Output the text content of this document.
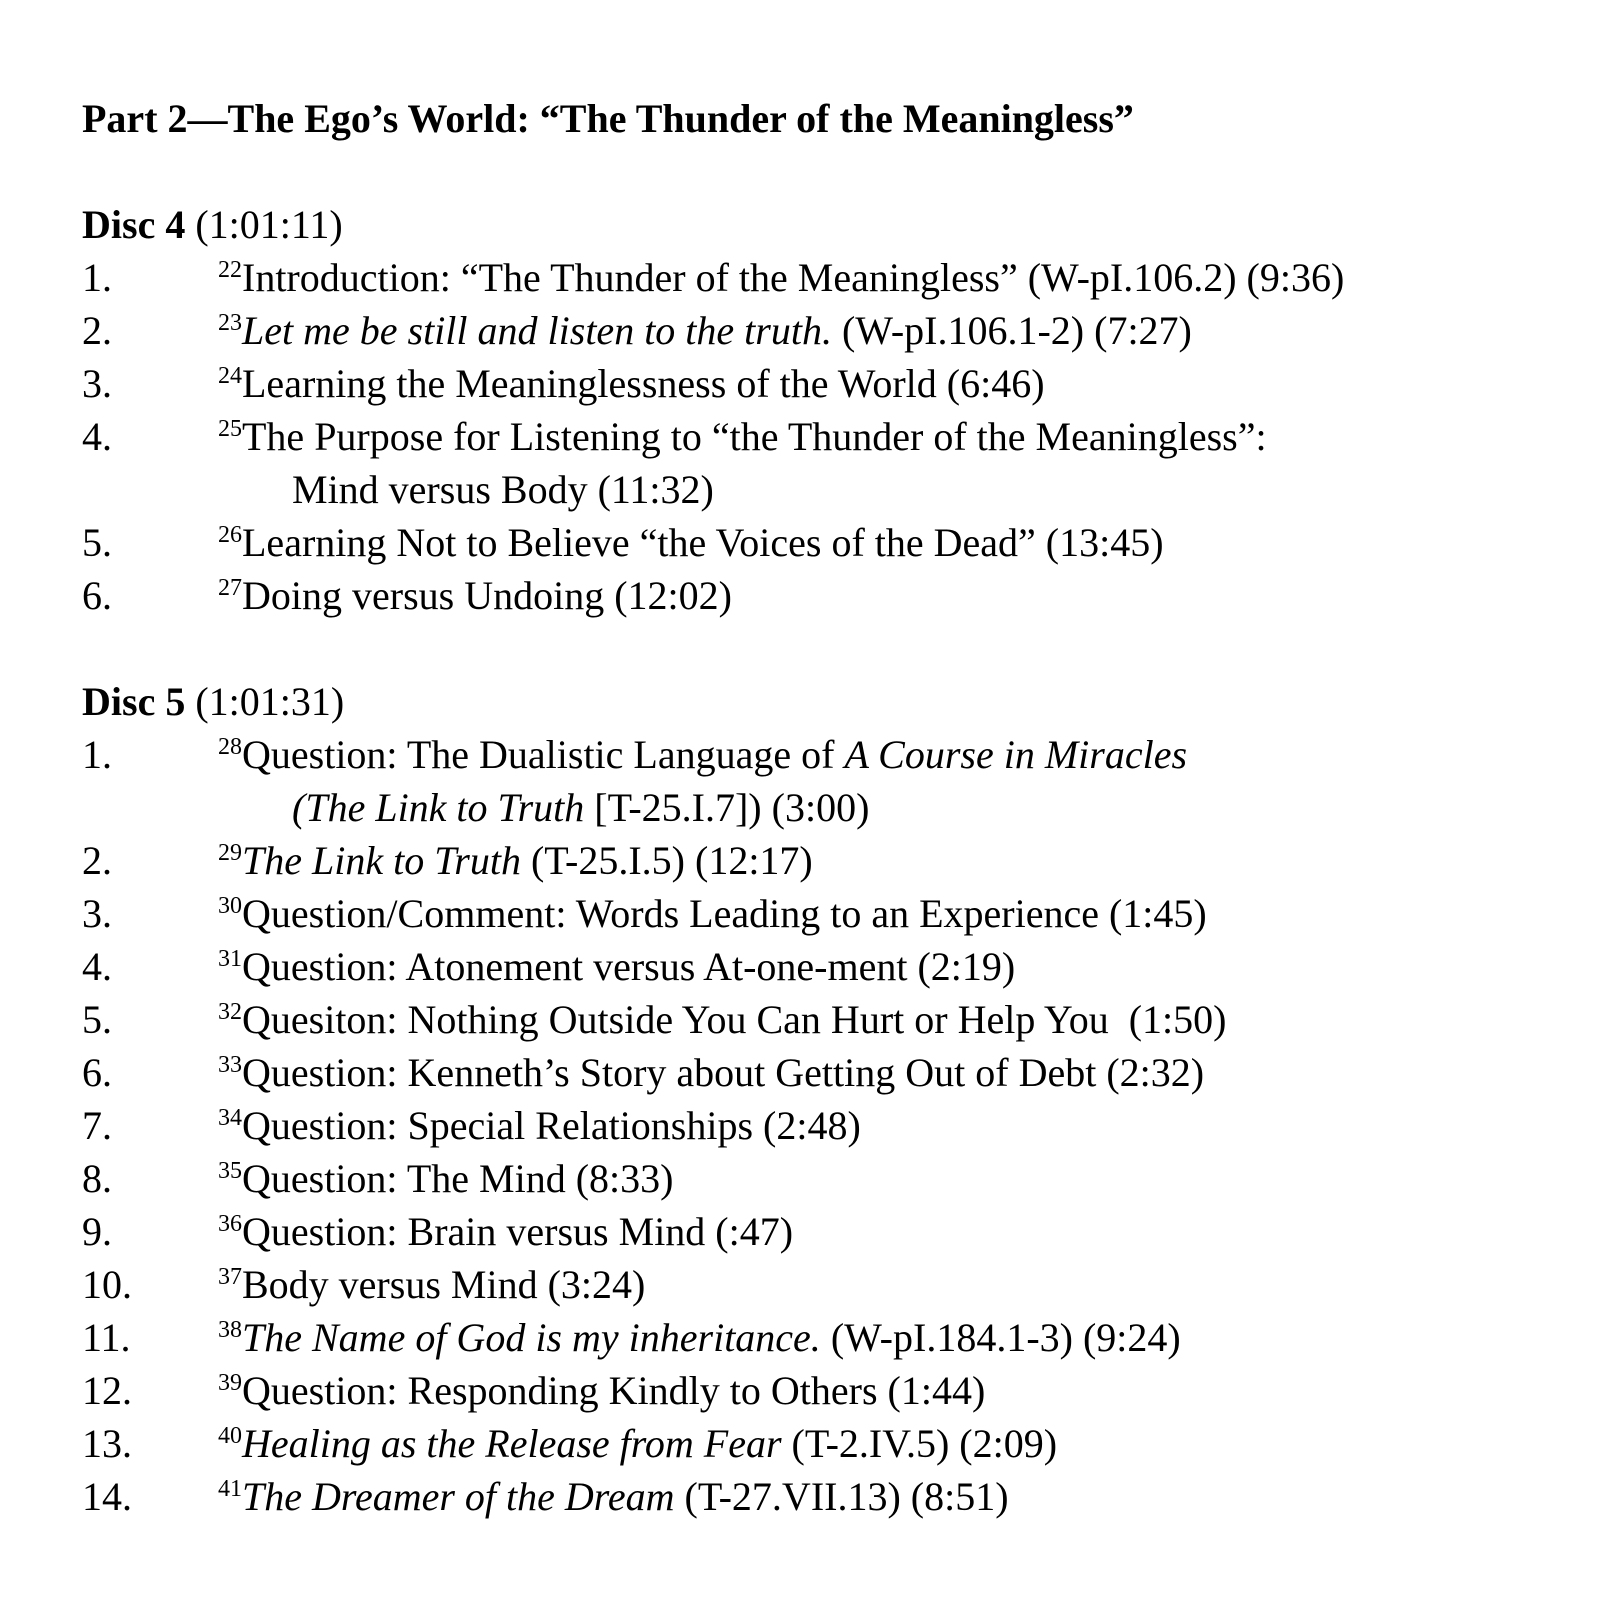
Part 2—The Ego’s World: “The Thunder of the Meaningless”
Disc 4 (1:01:11)
1.	$^{22}$Introduction: “The Thunder of the Meaningless” (W-pI.106.2) (9:36)
2.	$^{23}$Let me be still and listen to the truth. (W-pI.106.1-2) (7:27)
3.	$^{24}$Learning the Meaninglessness of the World (6:46)
4.	$^{25}$The Purpose for Listening to “the Thunder of the Meaningless”:
Mind versus Body (11:32)
5.	$^{26}$Learning Not to Believe “the Voices of the Dead” (13:45)
6.	$^{27}$Doing versus Undoing (12:02)
Disc 5 (1:01:31)
1.	$^{28}$Question: The Dualistic Language of A Course in Miracles
(The Link to Truth [T-25.I.7]) (3:00)
2.	$^{29}$The Link to Truth (T-25.I.5) (12:17)
3.	$^{30}$Question/Comment: Words Leading to an Experience (1:45)
4.	$^{31}$Question: Atonement versus At-one-ment (2:19)
5.	$^{32}$Quesiton: Nothing Outside You Can Hurt or Help You  (1:50)
6.	$^{33}$Question: Kenneth’s Story about Getting Out of Debt (2:32)
7.	$^{34}$Question: Special Relationships (2:48)
8.	$^{35}$Question: The Mind (8:33)
9.	$^{36}$Question: Brain versus Mind (:47)
10.	$^{37}$Body versus Mind (3:24)
11.	$^{38}$The Name of God is my inheritance. (W-pI.184.1-3) (9:24)
12.	$^{39}$Question: Responding Kindly to Others (1:44)
13.	$^{40}$Healing as the Release from Fear (T-2.IV.5) (2:09)
14.	$^{41}$The Dreamer of the Dream (T-27.VII.13) (8:51)
